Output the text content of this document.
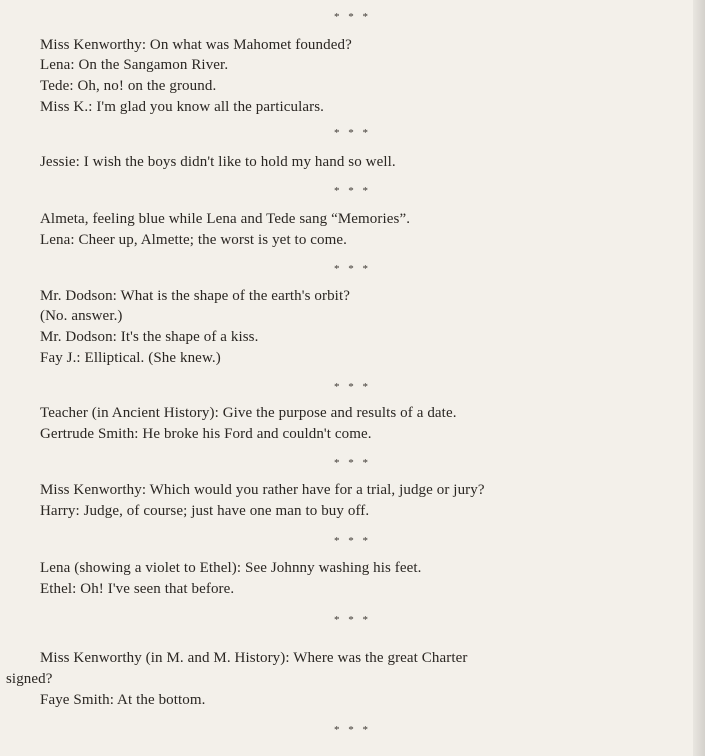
* * *
Miss Kenworthy: On what was Mahomet founded?
Lena: On the Sangamon River.
Tede: Oh, no! on the ground.
Miss K.: I'm glad you know all the particulars.
* * *
Jessie: I wish the boys didn't like to hold my hand so well.
* * *
Almeta, feeling blue while Lena and Tede sang “Memories”.
Lena: Cheer up, Almette; the worst is yet to come.
* * *
Mr. Dodson: What is the shape of the earth's orbit?
(No. answer.)
Mr. Dodson: It's the shape of a kiss.
Fay J.: Elliptical. (She knew.)
* * *
Teacher (in Ancient History): Give the purpose and results of a date.
Gertrude Smith: He broke his Ford and couldn't come.
* * *
Miss Kenworthy: Which would you rather have for a trial, judge or jury?
Harry: Judge, of course; just have one man to buy off.
* * *
Lena (showing a violet to Ethel): See Johnny washing his feet.
Ethel: Oh! I've seen that before.
* * *
Miss Kenworthy (in M. and M. History): Where was the great Charter
signed?
Faye Smith: At the bottom.
* * *
